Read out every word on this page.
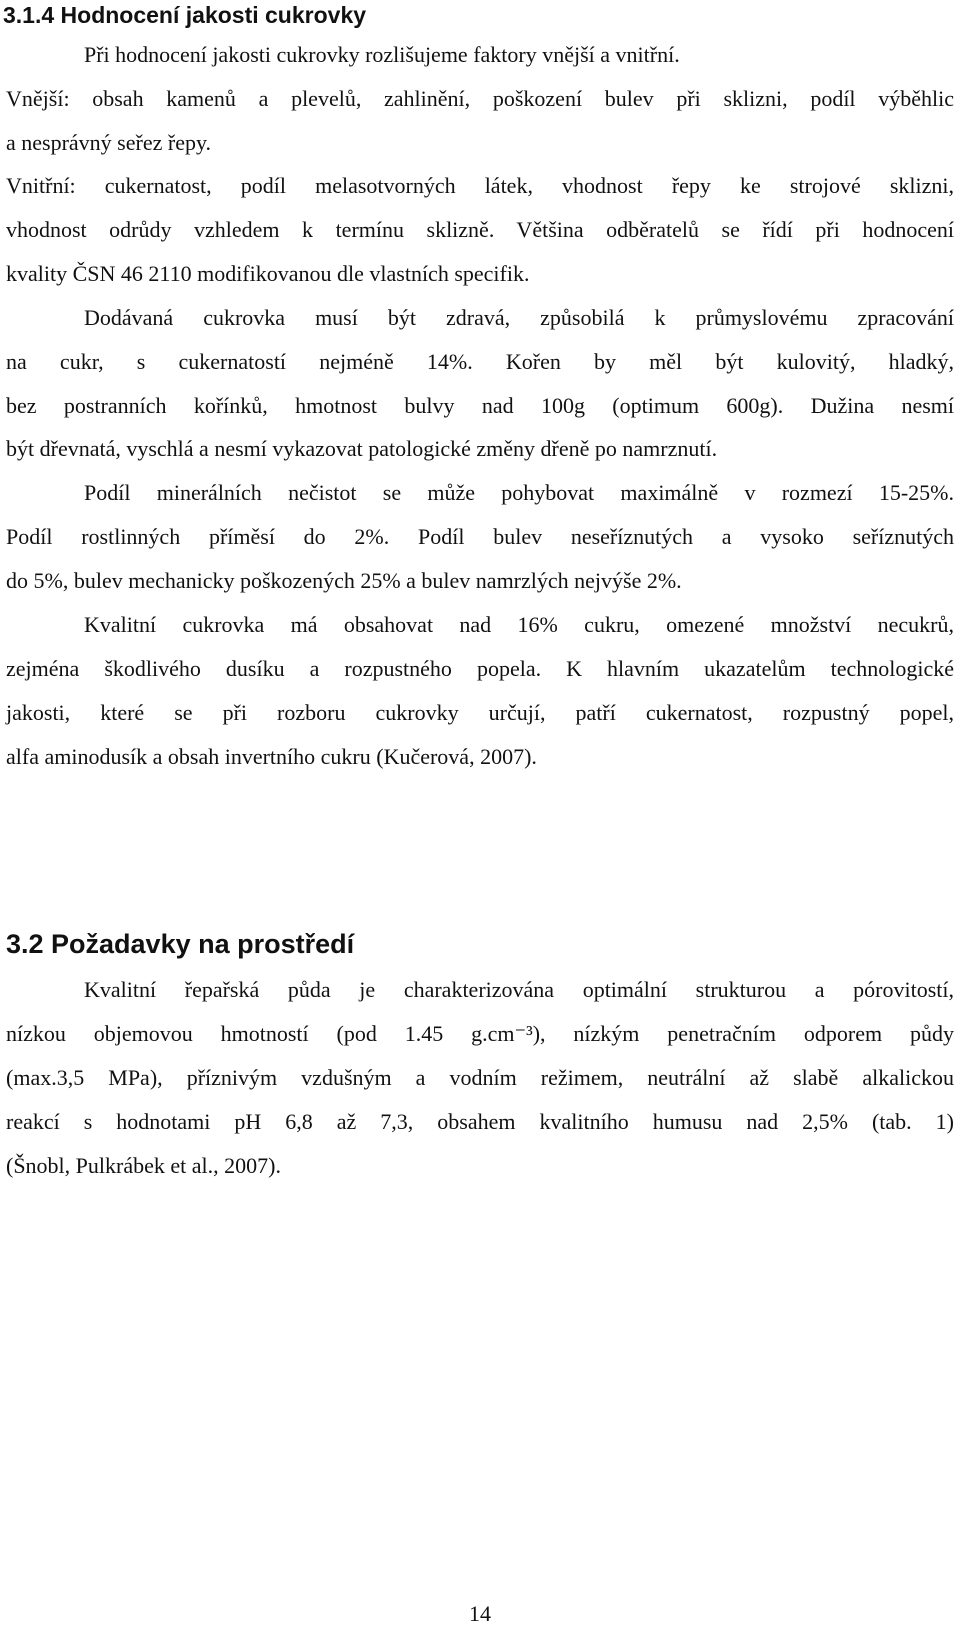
3.1.4 Hodnocení jakosti cukrovky

Při hodnocení jakosti cukrovky rozlišujeme faktory vnější a vnitřní.

Vnější: obsah kamenů a plevelů, zahlinění, poškození bulev při sklizni, podíl výběhlic

a nesprávný seřez řepy.

Vnitřní: cukernatost, podíl melasotvorných látek, vhodnost řepy ke strojové sklizni,

vhodnost odrůdy vzhledem k termínu sklizně. Většina odběratelů se řídí při hodnocení

kvality ČSN 46 2110 modifikovanou dle vlastních specifik.

Dodávaná cukrovka musí být zdravá, způsobilá k průmyslovému zpracování

na cukr, s cukernatostí nejméně 14%. Kořen by měl být kulovitý, hladký,

bez postranních kořínků, hmotnost bulvy nad 100g (optimum 600g). Dužina nesmí

být dřevnatá, vyschlá a nesmí vykazovat patologické změny dřeně po namrznutí.

Podíl minerálních nečistot se může pohybovat maximálně v rozmezí 15-25%.

Podíl rostlinných příměsí do 2%. Podíl bulev neseříznutých a vysoko seříznutých

do 5%, bulev mechanicky poškozených 25% a bulev namrzlých nejvýše 2%.

Kvalitní cukrovka má obsahovat nad 16% cukru, omezené množství necukrů,

zejména škodlivého dusíku a rozpustného popela. K hlavním ukazatelům technologické

jakosti, které se při rozboru cukrovky určují, patří cukernatost, rozpustný popel,

alfa aminodusík a obsah invertního cukru (Kučerová, 2007).

3.2 Požadavky na prostředí

Kvalitní řepařská půda je charakterizována optimální strukturou a pórovitostí,

nízkou objemovou hmotností (pod 1.45 g.cm⁻³), nízkým penetračním odporem půdy

(max.3,5 MPa), příznivým vzdušným a vodním režimem, neutrální až slabě alkalickou

reakcí s hodnotami pH 6,8 až 7,3, obsahem kvalitního humusu nad 2,5% (tab. 1)

(Šnobl, Pulkrábek et al., 2007).

14
